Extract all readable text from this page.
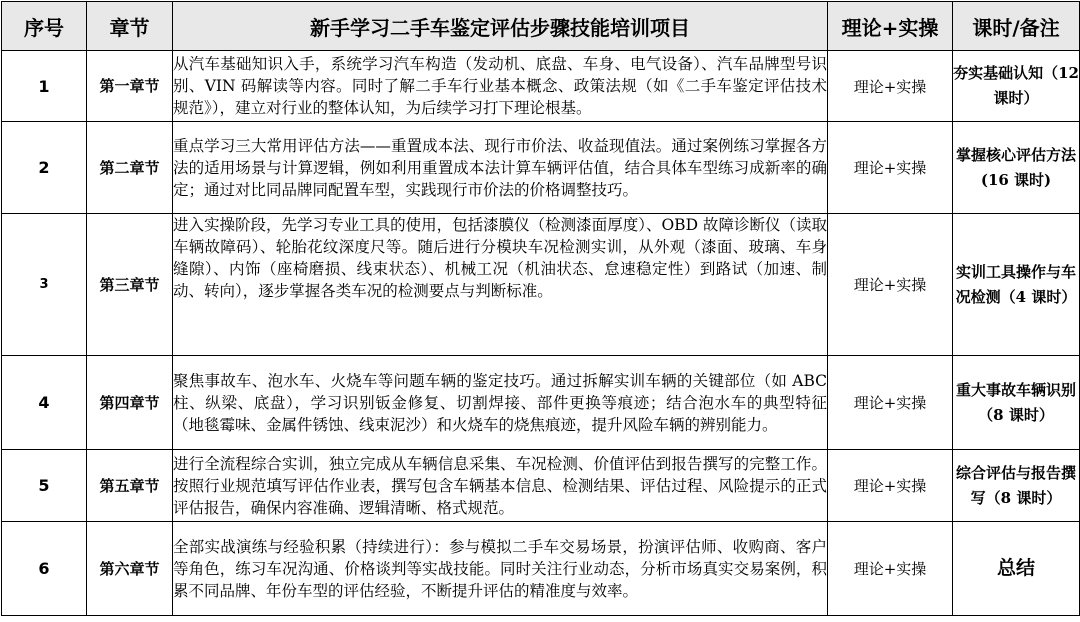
序号	章节	新手学习二手车鉴定评估步骤技能培训项目	理论+实操	课时/备注
1	第一章节	从汽车基础知识入手，系统学习汽车构造（发动机、底盘、车身、电气设备）、汽车品牌型号识别、VIN 码解读等内容。同时了解二手车行业基本概念、政策法规（如《二手车鉴定评估技术规范》），建立对行业的整体认知，为后续学习打下理论根基。	理论+实操	夯实基础认知（12 课时）
2	第二章节	重点学习三大常用评估方法——重置成本法、现行市价法、收益现值法。通过案例练习掌握各方法的适用场景与计算逻辑，例如利用重置成本法计算车辆评估值，结合具体车型练习成新率的确定；通过对比同品牌同配置车型，实践现行市价法的价格调整技巧。	理论+实操	掌握核心评估方法(16 课时)
3	第三章节	进入实操阶段，先学习专业工具的使用，包括漆膜仪（检测漆面厚度）、OBD 故障诊断仪（读取车辆故障码）、轮胎花纹深度尺等。随后进行分模块车况检测实训，从外观（漆面、玻璃、车身缝隙）、内饰（座椅磨损、线束状态）、机械工况（机油状态、怠速稳定性）到路试（加速、制动、转向），逐步掌握各类车况的检测要点与判断标准。	理论+实操	实训工具操作与车况检测（4 课时）
4	第四章节	聚焦事故车、泡水车、火烧车等问题车辆的鉴定技巧。通过拆解实训车辆的关键部位（如 ABC 柱、纵梁、底盘），学习识别钣金修复、切割焊接、部件更换等痕迹；结合泡水车的典型特征（地毯霉味、金属件锈蚀、线束泥沙）和火烧车的烧焦痕迹，提升风险车辆的辨别能力。	理论+实操	重大事故车辆识别（8 课时）
5	第五章节	进行全流程综合实训，独立完成从车辆信息采集、车况检测、价值评估到报告撰写的完整工作。按照行业规范填写评估作业表，撰写包含车辆基本信息、检测结果、评估过程、风险提示的正式评估报告，确保内容准确、逻辑清晰、格式规范。	理论+实操	综合评估与报告撰写（8 课时）
6	第六章节	全部实战演练与经验积累（持续进行）：参与模拟二手车交易场景，扮演评估师、收购商、客户等角色，练习车况沟通、价格谈判等实战技能。同时关注行业动态，分析市场真实交易案例，积累不同品牌、年份车型的评估经验，不断提升评估的精准度与效率。	理论+实操	总结
